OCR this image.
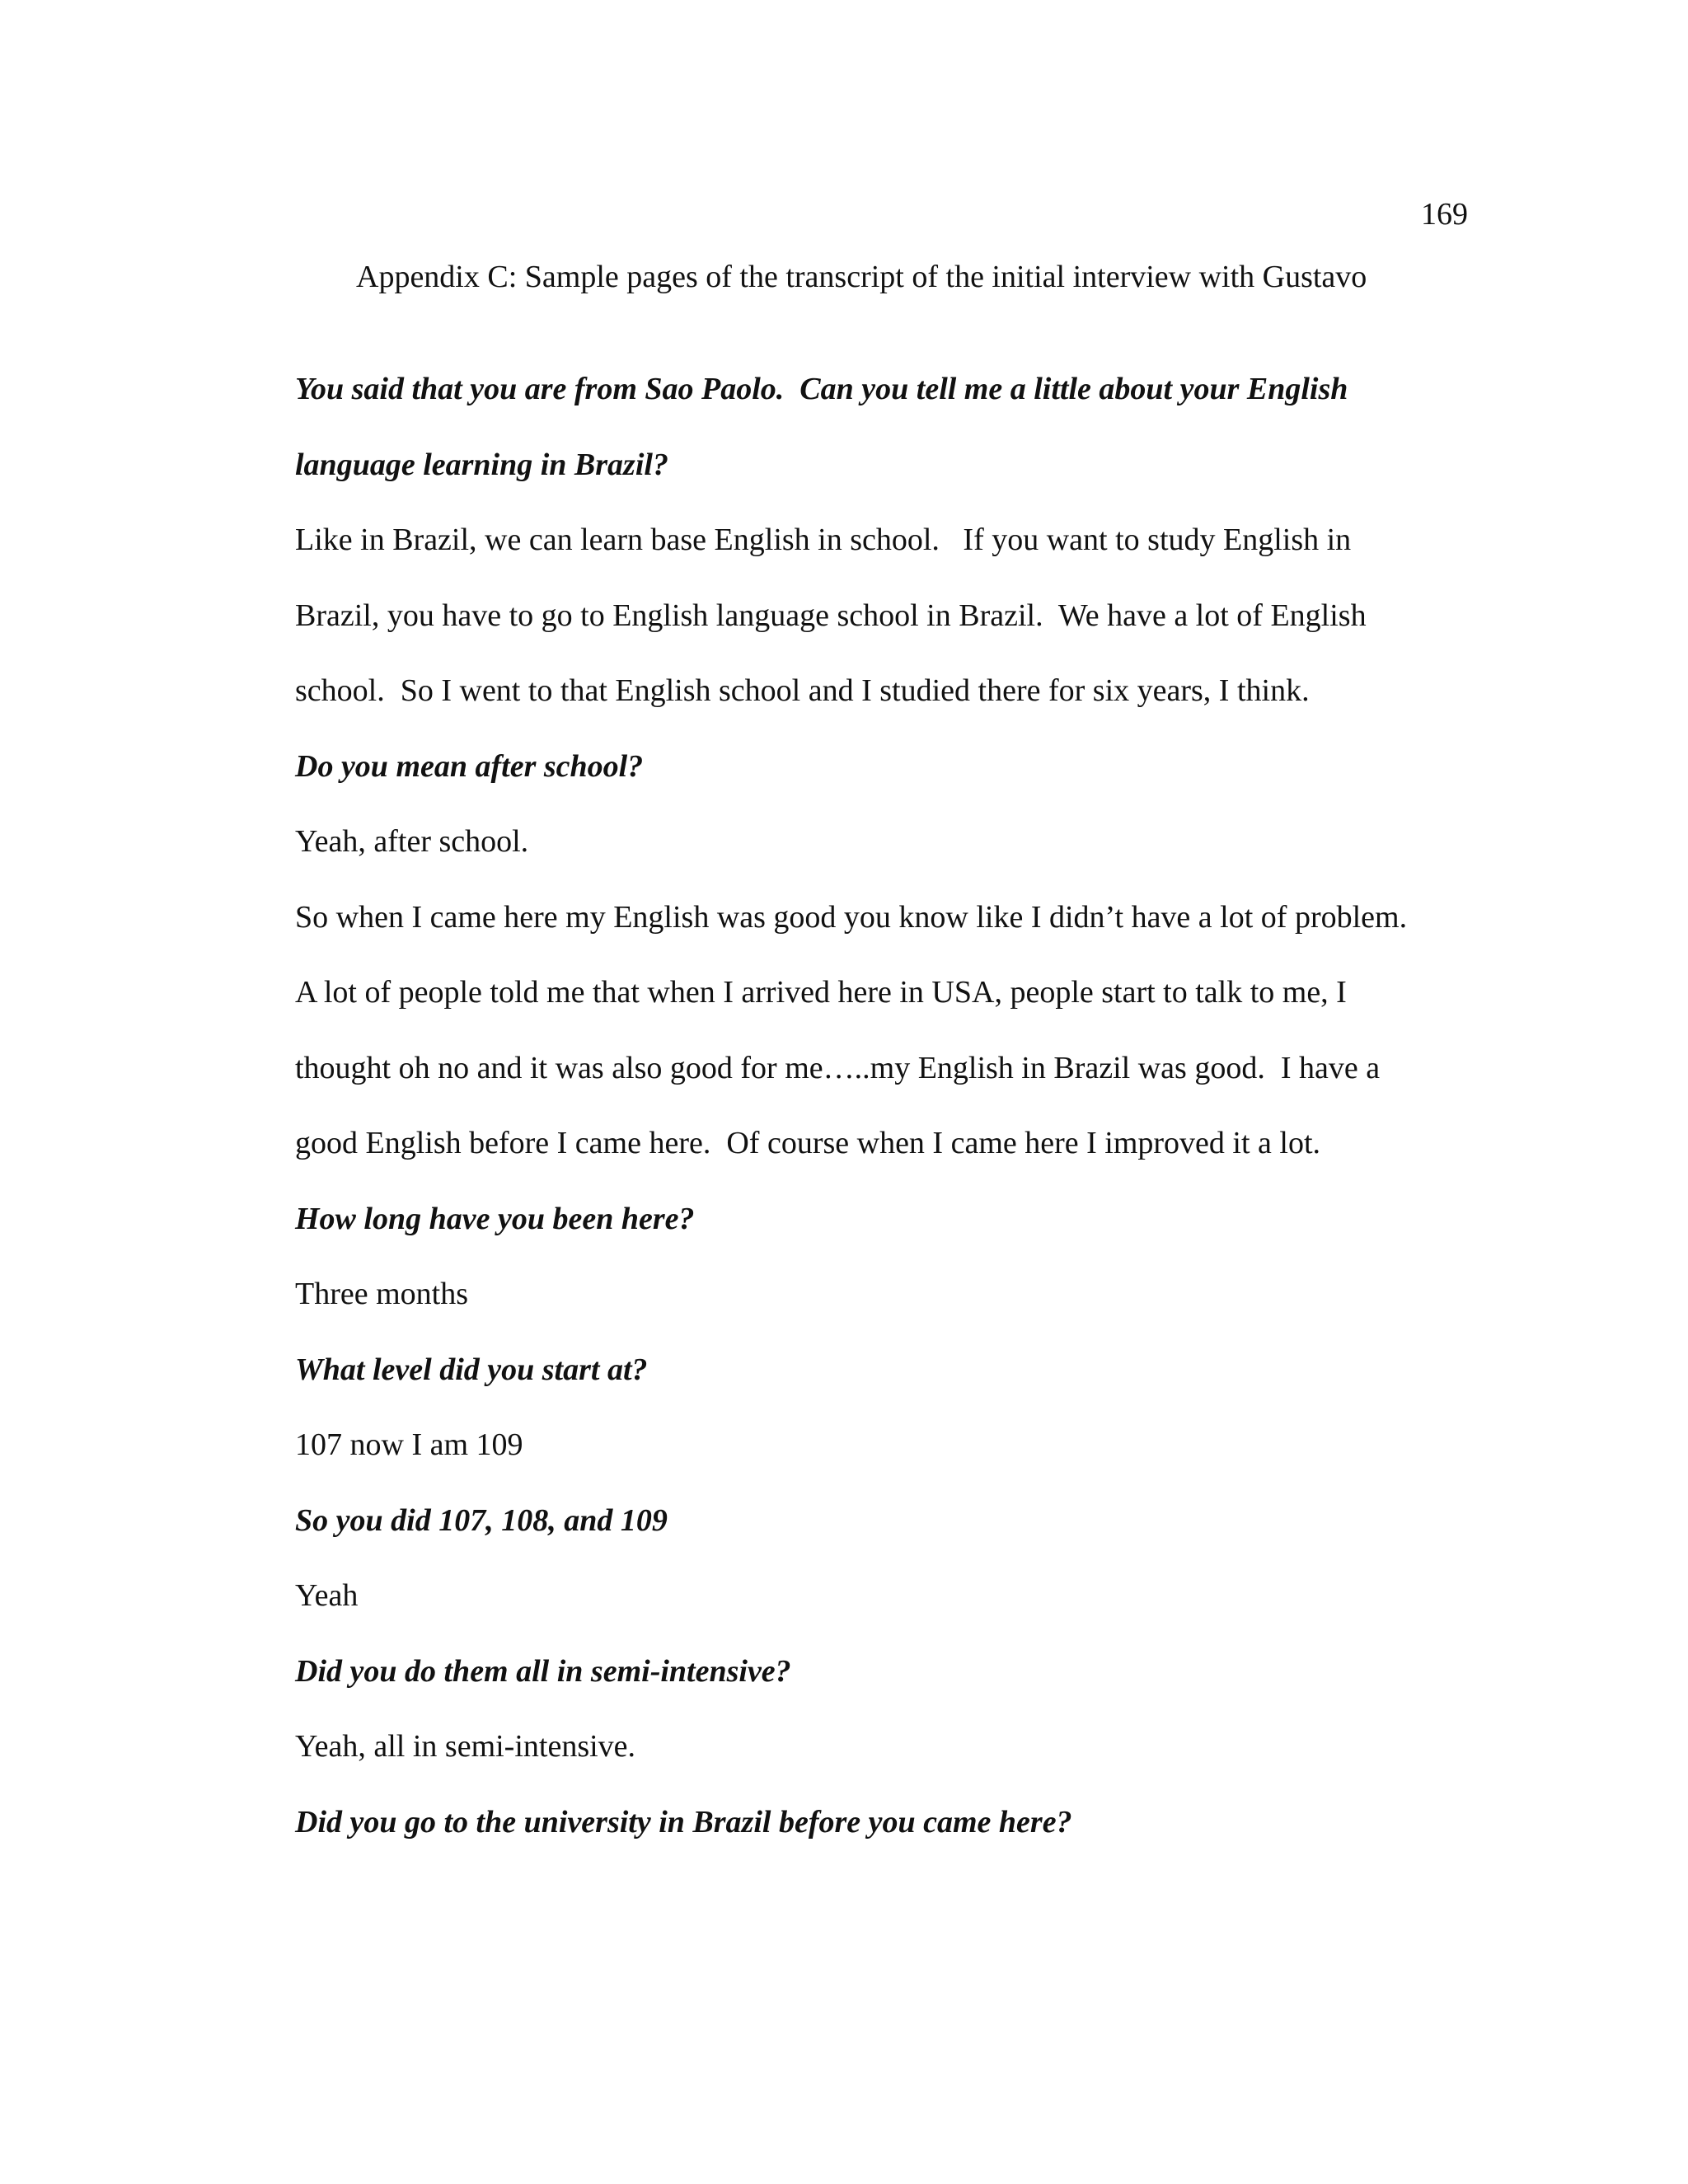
169
Appendix C: Sample pages of the transcript of the initial interview with Gustavo
You said that you are from Sao Paolo.  Can you tell me a little about your English
language learning in Brazil?
Like in Brazil, we can learn base English in school.   If you want to study English in
Brazil, you have to go to English language school in Brazil.  We have a lot of English
school.  So I went to that English school and I studied there for six years, I think.
Do you mean after school?
Yeah, after school.
So when I came here my English was good you know like I didn’t have a lot of problem.
A lot of people told me that when I arrived here in USA, people start to talk to me, I
thought oh no and it was also good for me…..my English in Brazil was good.  I have a
good English before I came here.  Of course when I came here I improved it a lot.
How long have you been here?
Three months
What level did you start at?
107 now I am 109
So you did 107, 108, and 109
Yeah
Did you do them all in semi-intensive?
Yeah, all in semi-intensive.
Did you go to the university in Brazil before you came here?
